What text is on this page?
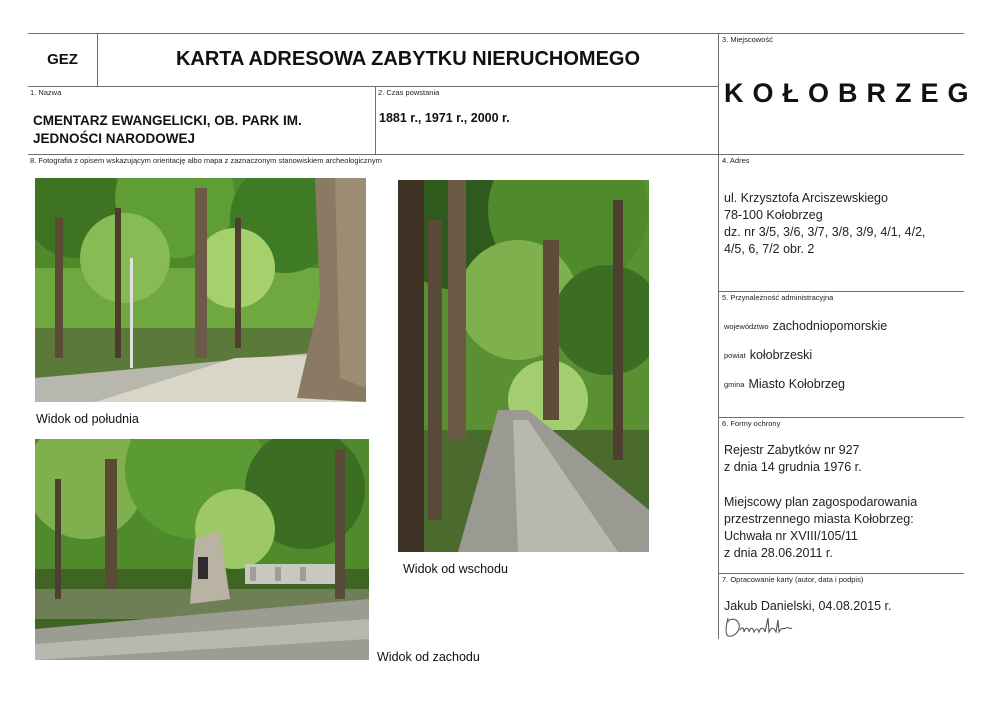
GEZ	KARTA ADRESOWA ZABYTKU NIERUCHOMEGO
1. Nazwa
CMENTARZ EWANGELICKI, OB. PARK IM.
JEDNOŚCI NARODOWEJ
2. Czas powstania
1881 r., 1971 r., 2000 r.
3. Miejscowość
KOŁOBRZEG
8. Fotografia z opisem wskazującym orientację albo mapa z zaznaczonym stanowiskiem archeologicznym
Widok od południa
Widok od wschodu
Widok od zachodu
4. Adres
ul. Krzysztofa Arciszewskiego
78-100 Kołobrzeg
dz. nr 3/5, 3/6, 3/7, 3/8, 3/9, 4/1, 4/2,
4/5, 6, 7/2 obr. 2
5. Przynależność administracyjna
województwo zachodniopomorskie
powiat kołobrzeski
gmina Miasto Kołobrzeg
6. Formy ochrony
Rejestr Zabytków nr 927
z dnia 14 grudnia 1976 r.
Miejscowy plan zagospodarowania
przestrzennego miasta Kołobrzeg:
Uchwała nr XVIII/105/11
z dnia 28.06.2011 r.
7. Opracowanie karty (autor, data i podpis)
Jakub Danielski, 04.08.2015 r.
